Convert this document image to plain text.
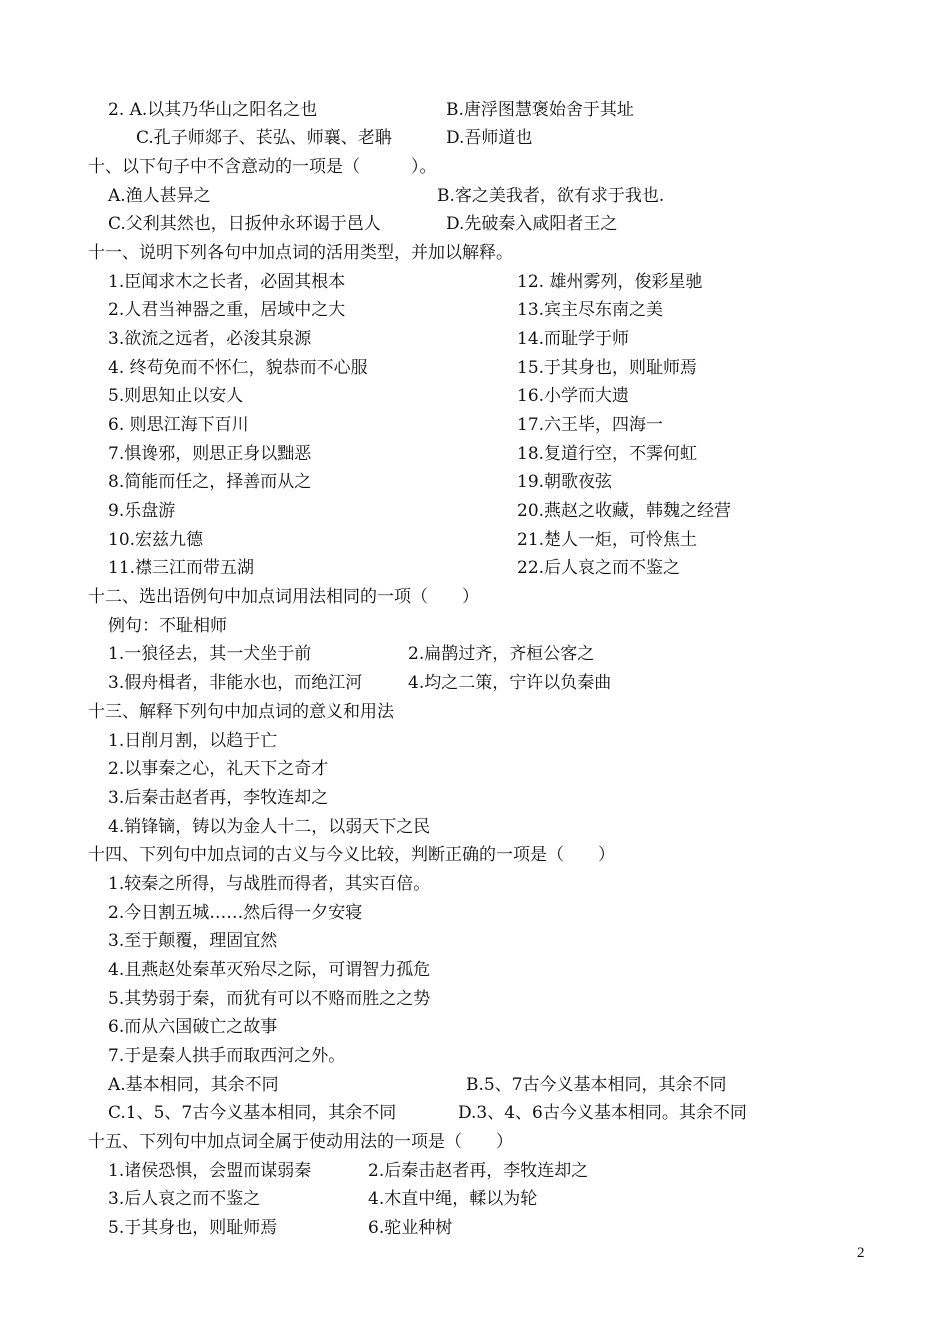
2. A.以其乃华山之阳名之也	B.唐浮图慧褒始舍于其址
C.孔子师郯子、苌弘、师襄、老聃	D.吾师道也
十、以下句子中不含意动的一项是（　　　）。
A.渔人甚异之	B.客之美我者，欲有求于我也.
C.父利其然也，日扳仲永环谒于邑人	D.先破秦入咸阳者王之
十一、说明下列各句中加点词的活用类型，并加以解释。
1.臣闻求木之长者，必固其根本	12. 雄州雾列，俊彩星驰
2.人君当神器之重，居域中之大	13.宾主尽东南之美
3.欲流之远者，必浚其泉源	14.而耻学于师
4. 终苟免而不怀仁，貌恭而不心服	15.于其身也，则耻师焉
5.则思知止以安人	16.小学而大遗
6. 则思江海下百川	17.六王毕，四海一
7.惧谗邪，则思正身以黜恶	18.复道行空，不霁何虹
8.简能而任之，择善而从之	19.朝歌夜弦
9.乐盘游	20.燕赵之收藏，韩魏之经营
10.宏兹九德	21.楚人一炬，可怜焦土
11.襟三江而带五湖	22.后人哀之而不鉴之
十二、选出语例句中加点词用法相同的一项（　　）
例句：不耻相师
1.一狼径去，其一犬坐于前	2.扁鹊过齐，齐桓公客之
3.假舟楫者，非能水也，而绝江河	4.均之二策，宁许以负秦曲
十三、解释下列句中加点词的意义和用法
1.日削月割，以趋于亡
2.以事秦之心，礼天下之奇才
3.后秦击赵者再，李牧连却之
4.销锋镝，铸以为金人十二，以弱天下之民
十四、下列句中加点词的古义与今义比较，判断正确的一项是（　　）
1.较秦之所得，与战胜而得者，其实百倍。
2.今日割五城……然后得一夕安寝
3.至于颠覆，理固宜然
4.且燕赵处秦革灭殆尽之际，可谓智力孤危
5.其势弱于秦，而犹有可以不赂而胜之之势
6.而从六国破亡之故事
7.于是秦人拱手而取西河之外。
A.基本相同，其余不同	B.5、7古今义基本相同，其余不同
C.1、5、7古今义基本相同，其余不同	D.3、4、6古今义基本相同。其余不同
十五、下列句中加点词全属于使动用法的一项是（　　）
1.诸侯恐惧，会盟而谋弱秦	2.后秦击赵者再，李牧连却之
3.后人哀之而不鉴之	4.木直中绳，輮以为轮
5.于其身也，则耻师焉	6.驼业种树
2
